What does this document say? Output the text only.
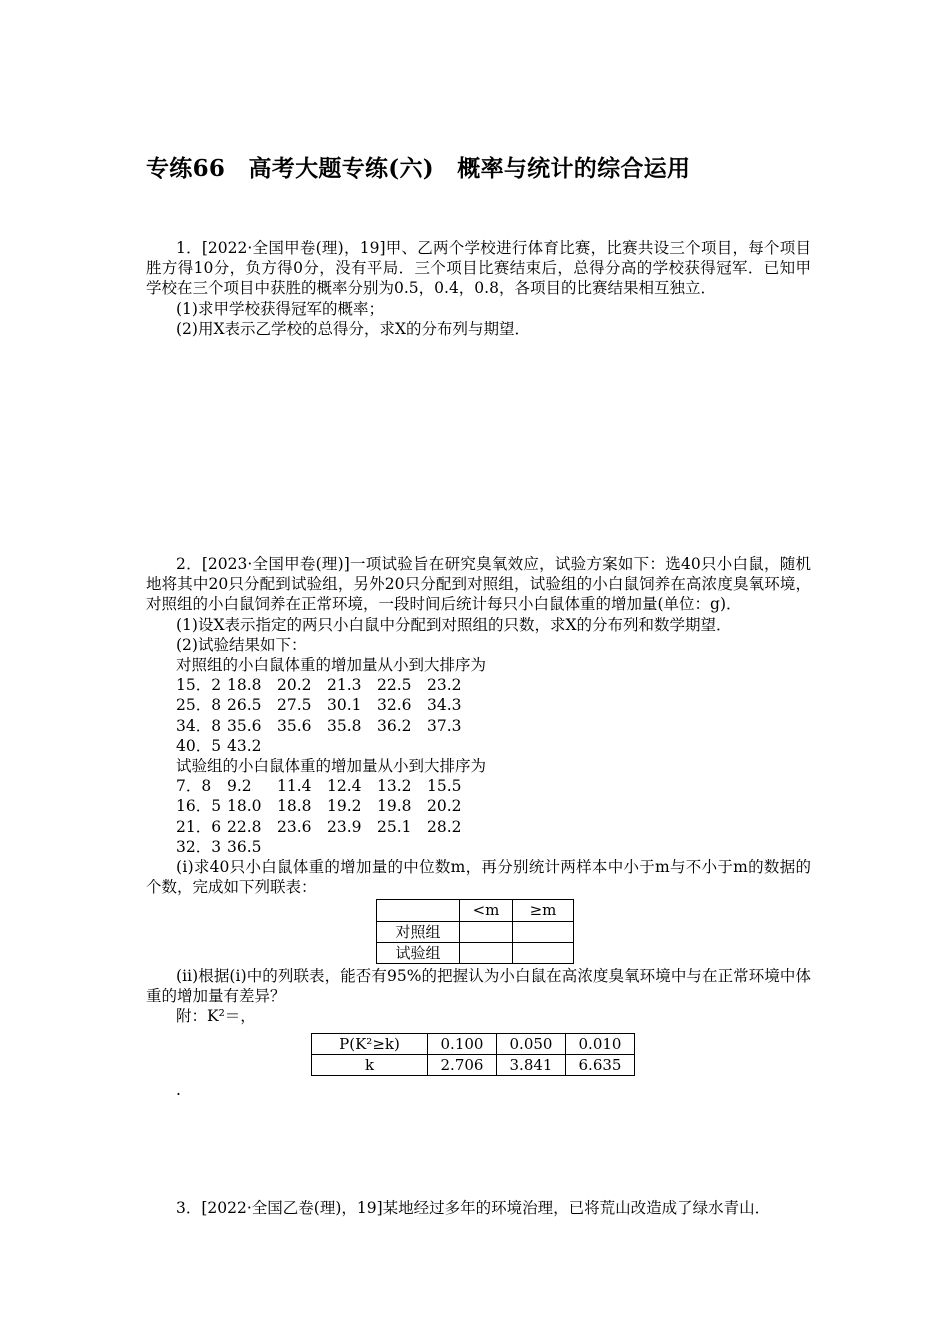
专练66　高考大题专练(六)　概率与统计的综合运用

1．[2022·全国甲卷(理)，19]甲、乙两个学校进行体育比赛，比赛共设三个项目，每个项目胜方得10分，负方得0分，没有平局．三个项目比赛结束后，总得分高的学校获得冠军．已知甲学校在三个项目中获胜的概率分别为0.5，0.4，0.8，各项目的比赛结果相互独立．

(1)求甲学校获得冠军的概率；

(2)用X表示乙学校的总得分，求X的分布列与期望．

2．[2023·全国甲卷(理)]一项试验旨在研究臭氧效应，试验方案如下：选40只小白鼠，随机地将其中20只分配到试验组，另外20只分配到对照组，试验组的小白鼠饲养在高浓度臭氧环境，对照组的小白鼠饲养在正常环境，一段时间后统计每只小白鼠体重的增加量(单位：g)．

(1)设X表示指定的两只小白鼠中分配到对照组的只数，求X的分布列和数学期望．

(2)试验结果如下：

对照组的小白鼠体重的增加量从小到大排序为

15．2 18.8 20.2 21.3 22.5 23.2

25．8 26.5 27.5 30.1 32.6 34.3

34．8 35.6 35.6 35.8 36.2 37.3

40．5 43.2

试验组的小白鼠体重的增加量从小到大排序为

7．8 9.2 11.4 12.4 13.2 15.5

16．5 18.0 18.8 19.2 19.8 20.2

21．6 22.8 23.6 23.9 25.1 28.2

32．3 36.5

(ⅰ)求40只小白鼠体重的增加量的中位数m，再分别统计两样本中小于m与不小于m的数据的个数，完成如下列联表：

	<m	≥m
对照组		
试验组		

(ⅱ)根据(ⅰ)中的列联表，能否有95%的把握认为小白鼠在高浓度臭氧环境中与在正常环境中体重的增加量有差异？

附：K²＝，

P(K²≥k)	0.100	0.050	0.010
k	2.706	3.841	6.635

.

3．[2022·全国乙卷(理)，19]某地经过多年的环境治理，已将荒山改造成了绿水青山．
